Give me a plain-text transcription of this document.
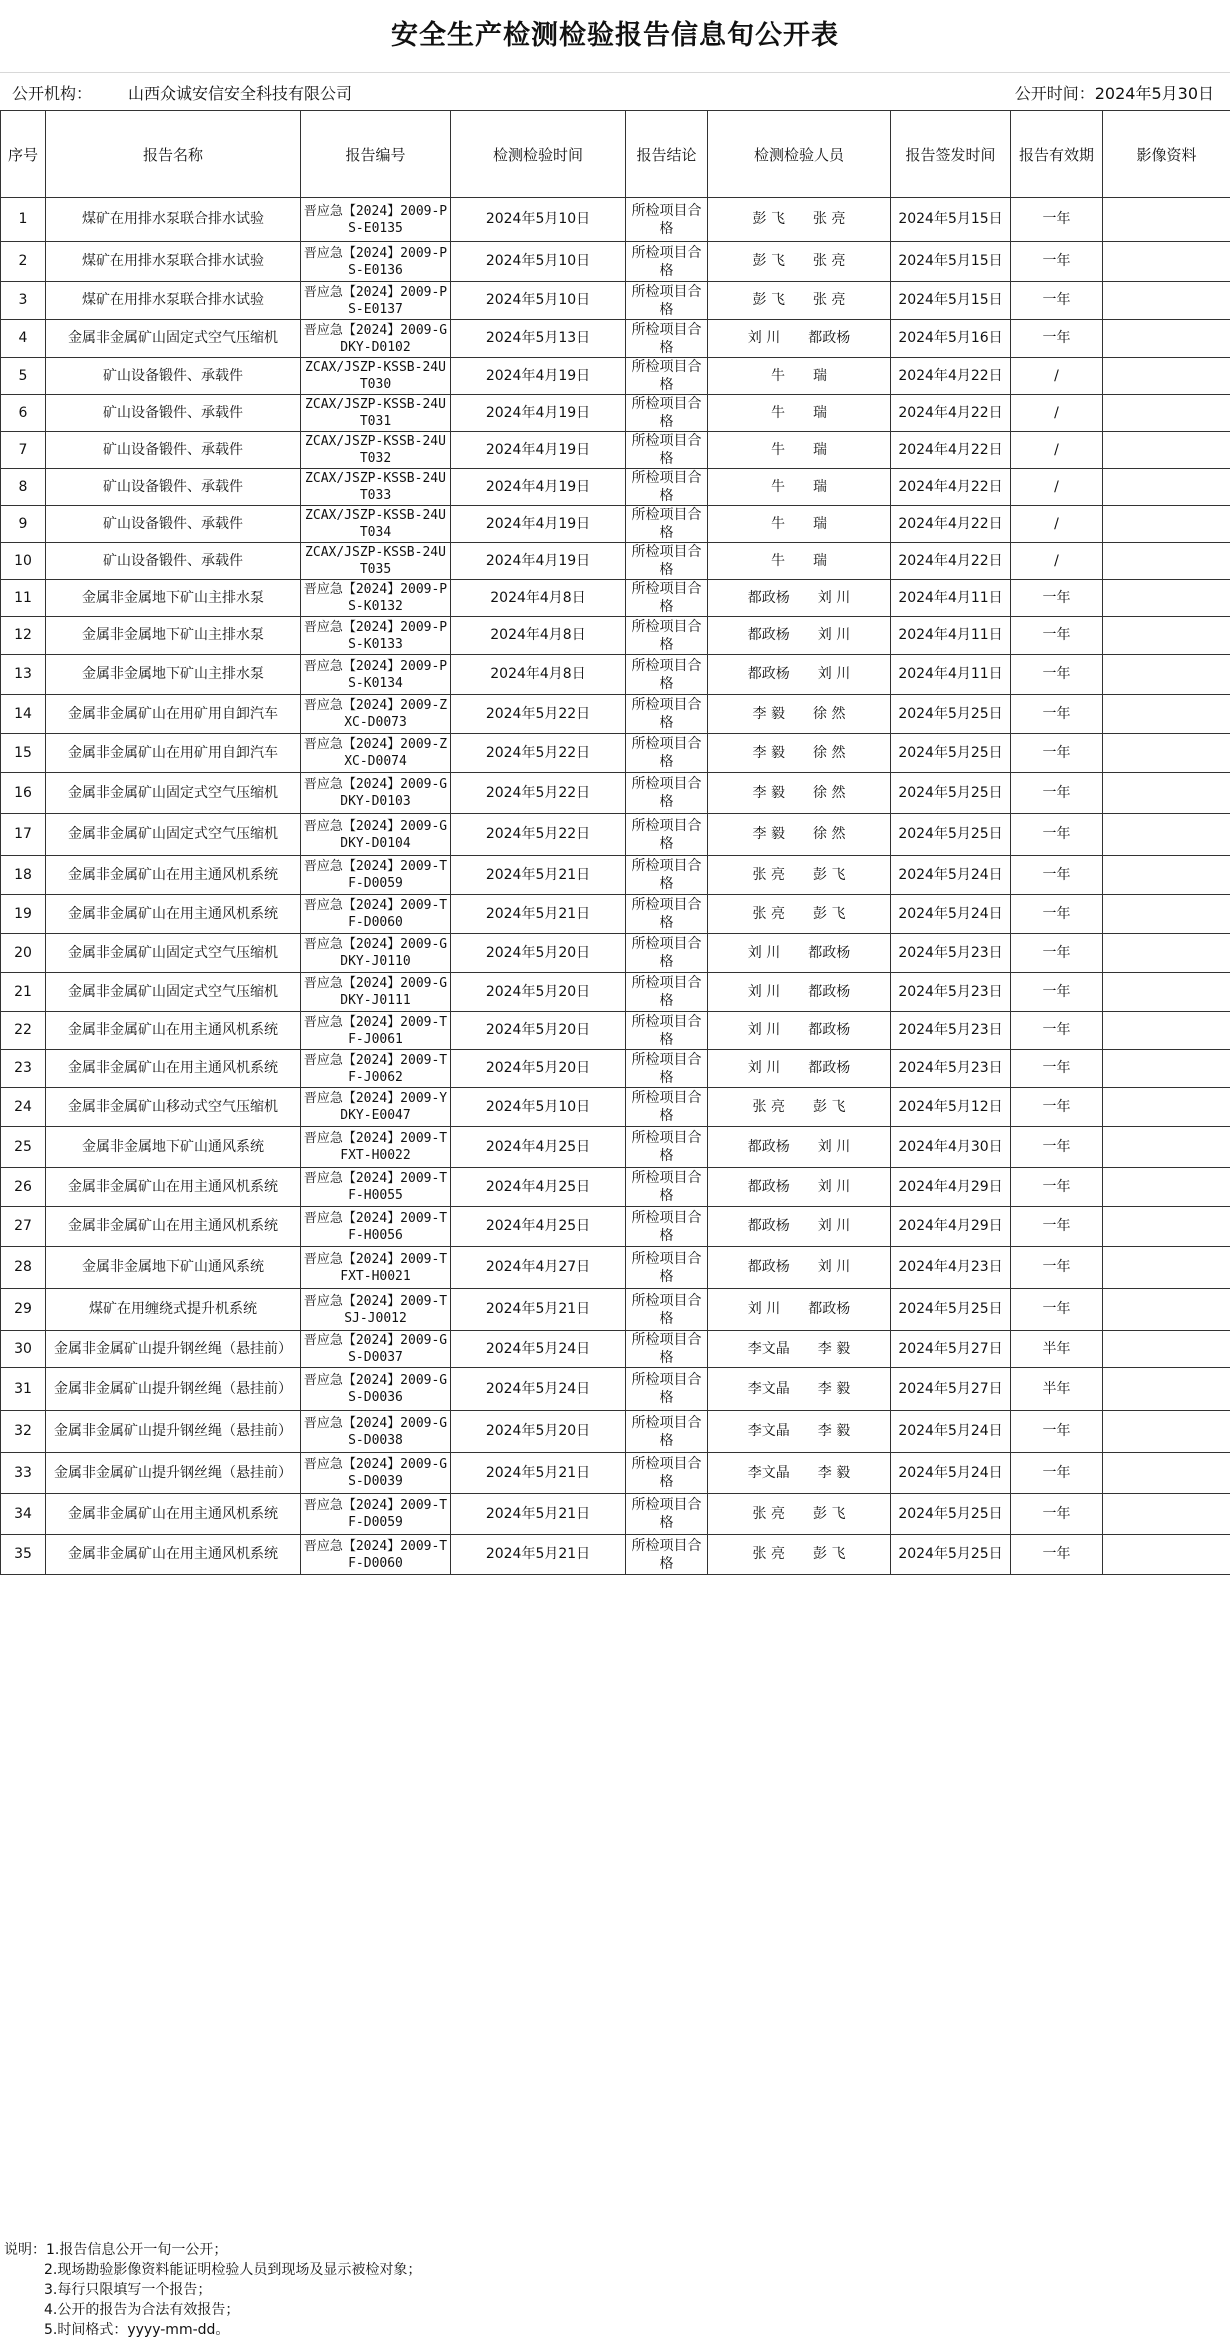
安全生产检测检验报告信息旬公开表
公开机构： 山西众诚安信安全科技有限公司	公开时间：2024年5月30日
序号	报告名称	报告编号	检测检验时间	报告结论	检测检验人员	报告签发时间	报告有效期	影像资料
1	煤矿在用排水泵联合排水试验	晋应急【2024】2009-PS-E0135	2024年5月10日	所检项目合格	彭 飞　　张 亮	2024年5月15日	一年	

2	煤矿在用排水泵联合排水试验	晋应急【2024】2009-PS-E0136	2024年5月10日	所检项目合格	彭 飞　　张 亮	2024年5月15日	一年	

3	煤矿在用排水泵联合排水试验	晋应急【2024】2009-PS-E0137	2024年5月10日	所检项目合格	彭 飞　　张 亮	2024年5月15日	一年	

4	金属非金属矿山固定式空气压缩机	晋应急【2024】2009-GDKY-D0102	2024年5月13日	所检项目合格	刘 川　　都政杨	2024年5月16日	一年	

5	矿山设备锻件、承载件	ZCAX/JSZP-KSSB-24UT030	2024年4月19日	所检项目合格	牛　　瑞	2024年4月22日	/	

6	矿山设备锻件、承载件	ZCAX/JSZP-KSSB-24UT031	2024年4月19日	所检项目合格	牛　　瑞	2024年4月22日	/	

7	矿山设备锻件、承载件	ZCAX/JSZP-KSSB-24UT032	2024年4月19日	所检项目合格	牛　　瑞	2024年4月22日	/	

8	矿山设备锻件、承载件	ZCAX/JSZP-KSSB-24UT033	2024年4月19日	所检项目合格	牛　　瑞	2024年4月22日	/	

9	矿山设备锻件、承载件	ZCAX/JSZP-KSSB-24UT034	2024年4月19日	所检项目合格	牛　　瑞	2024年4月22日	/	

10	矿山设备锻件、承载件	ZCAX/JSZP-KSSB-24UT035	2024年4月19日	所检项目合格	牛　　瑞	2024年4月22日	/	

11	金属非金属地下矿山主排水泵	晋应急【2024】2009-PS-K0132	2024年4月8日	所检项目合格	都政杨　　刘 川	2024年4月11日	一年	

12	金属非金属地下矿山主排水泵	晋应急【2024】2009-PS-K0133	2024年4月8日	所检项目合格	都政杨　　刘 川	2024年4月11日	一年	

13	金属非金属地下矿山主排水泵	晋应急【2024】2009-PS-K0134	2024年4月8日	所检项目合格	都政杨　　刘 川	2024年4月11日	一年	

14	金属非金属矿山在用矿用自卸汽车	晋应急【2024】2009-ZXC-D0073	2024年5月22日	所检项目合格	李 毅　　徐 然	2024年5月25日	一年	

15	金属非金属矿山在用矿用自卸汽车	晋应急【2024】2009-ZXC-D0074	2024年5月22日	所检项目合格	李 毅　　徐 然	2024年5月25日	一年	

16	金属非金属矿山固定式空气压缩机	晋应急【2024】2009-GDKY-D0103	2024年5月22日	所检项目合格	李 毅　　徐 然	2024年5月25日	一年	

17	金属非金属矿山固定式空气压缩机	晋应急【2024】2009-GDKY-D0104	2024年5月22日	所检项目合格	李 毅　　徐 然	2024年5月25日	一年	

18	金属非金属矿山在用主通风机系统	晋应急【2024】2009-TF-D0059	2024年5月21日	所检项目合格	张 亮　　彭 飞	2024年5月24日	一年	

19	金属非金属矿山在用主通风机系统	晋应急【2024】2009-TF-D0060	2024年5月21日	所检项目合格	张 亮　　彭 飞	2024年5月24日	一年	

20	金属非金属矿山固定式空气压缩机	晋应急【2024】2009-GDKY-J0110	2024年5月20日	所检项目合格	刘 川　　都政杨	2024年5月23日	一年	

21	金属非金属矿山固定式空气压缩机	晋应急【2024】2009-GDKY-J0111	2024年5月20日	所检项目合格	刘 川　　都政杨	2024年5月23日	一年	

22	金属非金属矿山在用主通风机系统	晋应急【2024】2009-TF-J0061	2024年5月20日	所检项目合格	刘 川　　都政杨	2024年5月23日	一年	

23	金属非金属矿山在用主通风机系统	晋应急【2024】2009-TF-J0062	2024年5月20日	所检项目合格	刘 川　　都政杨	2024年5月23日	一年	

24	金属非金属矿山移动式空气压缩机	晋应急【2024】2009-YDKY-E0047	2024年5月10日	所检项目合格	张 亮　　彭 飞	2024年5月12日	一年	

25	金属非金属地下矿山通风系统	晋应急【2024】2009-TFXT-H0022	2024年4月25日	所检项目合格	都政杨　　刘 川	2024年4月30日	一年	

26	金属非金属矿山在用主通风机系统	晋应急【2024】2009-TF-H0055	2024年4月25日	所检项目合格	都政杨　　刘 川	2024年4月29日	一年	

27	金属非金属矿山在用主通风机系统	晋应急【2024】2009-TF-H0056	2024年4月25日	所检项目合格	都政杨　　刘 川	2024年4月29日	一年	

28	金属非金属地下矿山通风系统	晋应急【2024】2009-TFXT-H0021	2024年4月27日	所检项目合格	都政杨　　刘 川	2024年4月23日	一年	

29	煤矿在用缠绕式提升机系统	晋应急【2024】2009-TSJ-J0012	2024年5月21日	所检项目合格	刘 川　　都政杨	2024年5月25日	一年	

30	金属非金属矿山提升钢丝绳（悬挂前）	晋应急【2024】2009-GS-D0037	2024年5月24日	所检项目合格	李文晶　　李 毅	2024年5月27日	半年	

31	金属非金属矿山提升钢丝绳（悬挂前）	晋应急【2024】2009-GS-D0036	2024年5月24日	所检项目合格	李文晶　　李 毅	2024年5月27日	半年	

32	金属非金属矿山提升钢丝绳（悬挂前）	晋应急【2024】2009-GS-D0038	2024年5月20日	所检项目合格	李文晶　　李 毅	2024年5月24日	一年	

33	金属非金属矿山提升钢丝绳（悬挂前）	晋应急【2024】2009-GS-D0039	2024年5月21日	所检项目合格	李文晶　　李 毅	2024年5月24日	一年	

34	金属非金属矿山在用主通风机系统	晋应急【2024】2009-TF-D0059	2024年5月21日	所检项目合格	张 亮　　彭 飞	2024年5月25日	一年	

35	金属非金属矿山在用主通风机系统	晋应急【2024】2009-TF-D0060	2024年5月21日	所检项目合格	张 亮　　彭 飞	2024年5月25日	一年	
说明：1.报告信息公开一旬一公开；
2.现场勘验影像资料能证明检验人员到现场及显示被检对象；
3.每行只限填写一个报告；
4.公开的报告为合法有效报告；
5.时间格式：yyyy-mm-dd。
